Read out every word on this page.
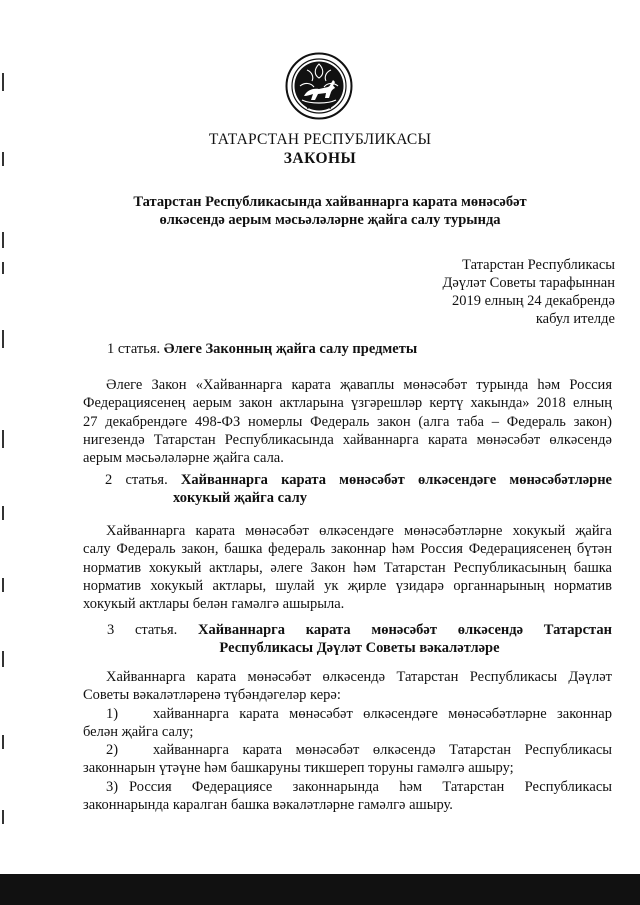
ТАТАРСТАН РЕСПУБЛИКАСЫ
ЗАКОНЫ
Татарстан Республикасында хайваннарга карата мөнәсәбәт
өлкәсендә аерым мәсьәләләрне җайга салу турында
Татарстан Республикасы
Дәүләт Советы тарафыннан
2019 елның 24 декабрендә
кабул ителде
1 статья. Әлеге Законның җайга салу предметы
Әлеге Закон «Хайваннарга карата җаваплы мөнәсәбәт турында һәм Россия
Федерациясенең аерым закон актларына үзгәрешләр кертү хакында» 2018 елның
27 декабрендәге 498-ФЗ номерлы Федераль закон (алга таба – Федераль закон)
нигезендә Татарстан Республикасында хайваннарга карата мөнәсәбәт өлкәсендә
аерым мәсьәләләрне җайга сала.
2 статья. Хайваннарга карата мөнәсәбәт өлкәсендәге мөнәсәбәтләрне
хокукый җайга салу
Хайваннарга карата мөнәсәбәт өлкәсендәге мөнәсәбәтләрне хокукый җайга
салу Федераль закон, башка федераль законнар һәм Россия Федерациясенең бүтән
норматив хокукый актлары, әлеге Закон һәм Татарстан Республикасының башка
норматив хокукый актлары, шулай ук җирле үзидарә органнарының норматив
хокукый актлары белән гамәлгә ашырыла.
3 статья. Хайваннарга карата мөнәсәбәт өлкәсендә Татарстан
Республикасы Дәүләт Советы вәкаләтләре
Хайваннарга карата мөнәсәбәт өлкәсендә Татарстан Республикасы Дәүләт
Советы вәкаләтләренә түбәндәгеләр керә:
1)	хайваннарга карата мөнәсәбәт өлкәсендәге мөнәсәбәтләрне законнар
белән җайга салу;
2)	хайваннарга карата мөнәсәбәт өлкәсендә Татарстан Республикасы
законнарын үтәүне һәм башкаруны тикшереп торуны гамәлгә ашыру;
3) Россия Федерациясе законнарында һәм Татарстан Республикасы
законнарында каралган башка вәкаләтләрне гамәлгә ашыру.
